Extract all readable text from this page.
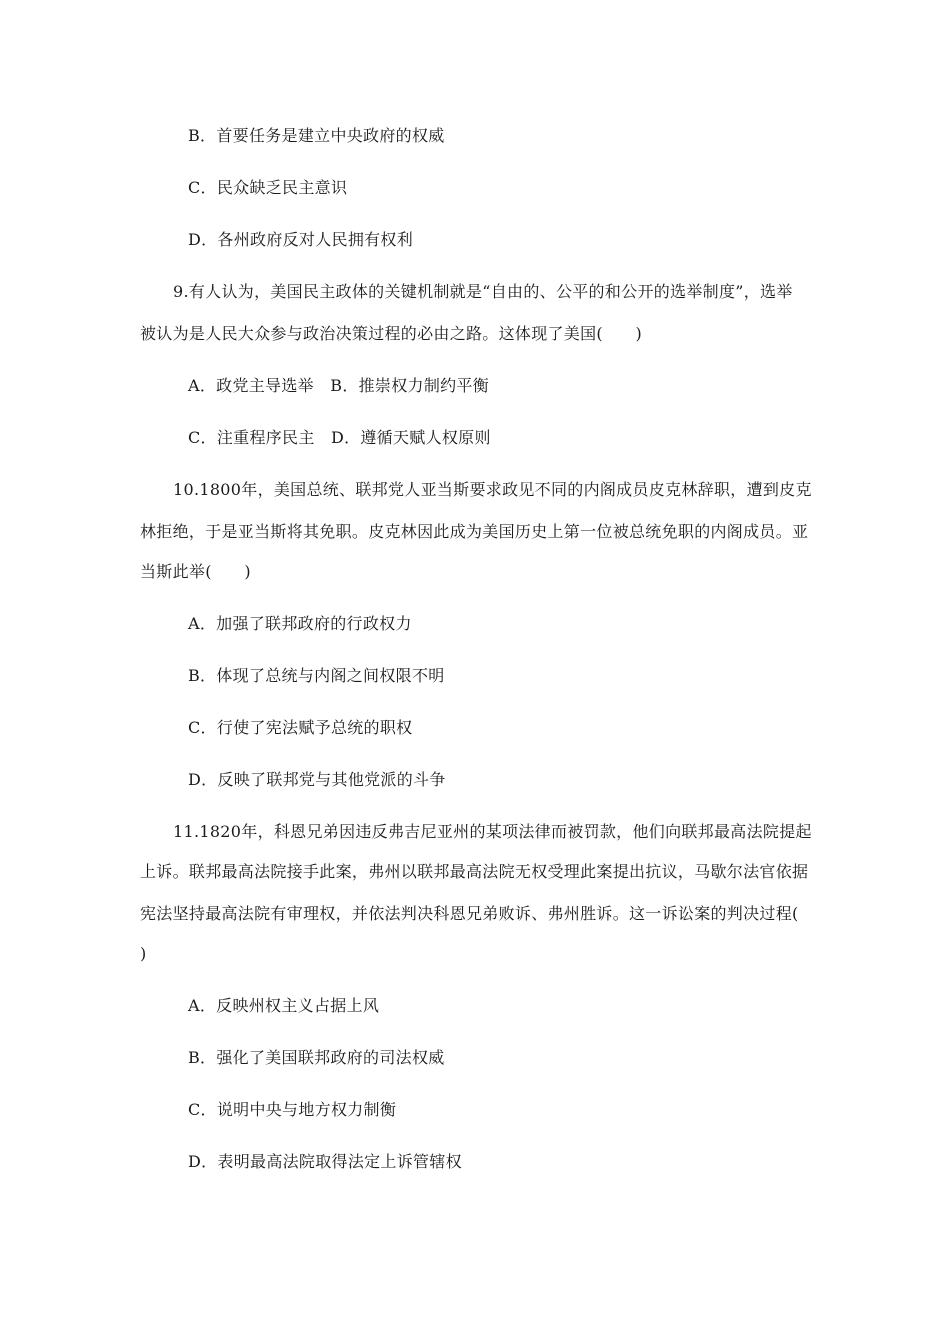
B．首要任务是建立中央政府的权威
C．民众缺乏民主意识
D．各州政府反对人民拥有权利
9.有人认为，美国民主政体的关键机制就是“自由的、公平的和公开的选举制度”，选举
被认为是人民大众参与政治决策过程的必由之路。这体现了美国(　　)
A．政党主导选举　B．推崇权力制约平衡
C．注重程序民主　D．遵循天赋人权原则
10.1800年，美国总统、联邦党人亚当斯要求政见不同的内阁成员皮克林辞职，遭到皮克
林拒绝，于是亚当斯将其免职。皮克林因此成为美国历史上第一位被总统免职的内阁成员。亚
当斯此举(　　)
A．加强了联邦政府的行政权力
B．体现了总统与内阁之间权限不明
C．行使了宪法赋予总统的职权
D．反映了联邦党与其他党派的斗争
11.1820年，科恩兄弟因违反弗吉尼亚州的某项法律而被罚款，他们向联邦最高法院提起
上诉。联邦最高法院接手此案，弗州以联邦最高法院无权受理此案提出抗议，马歇尔法官依据
宪法坚持最高法院有审理权，并依法判决科恩兄弟败诉、弗州胜诉。这一诉讼案的判决过程(
)
A．反映州权主义占据上风
B．强化了美国联邦政府的司法权威
C．说明中央与地方权力制衡
D．表明最高法院取得法定上诉管辖权
